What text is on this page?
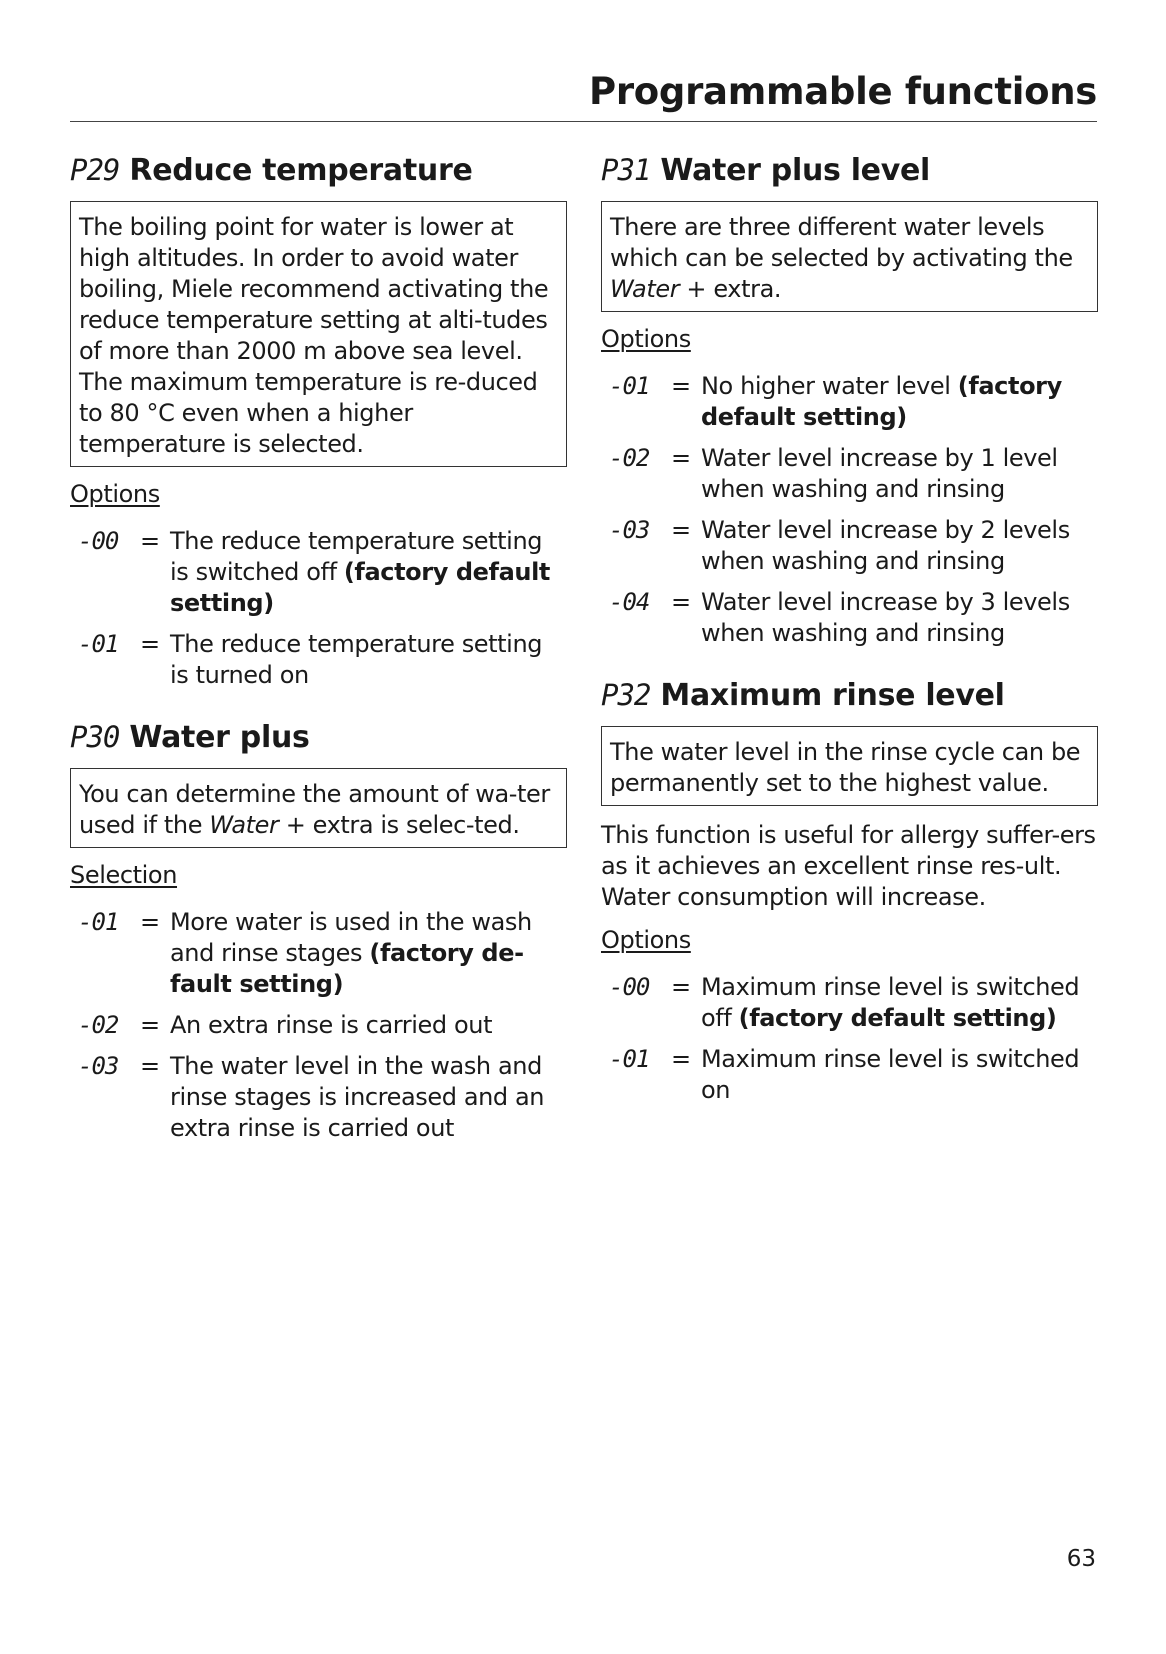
Programmable functions
P29 Reduce temperature
The boiling point for water is lower at high altitudes. In order to avoid water boiling, Miele recommend activating the reduce temperature setting at alti-tudes of more than 2000 m above sea level. The maximum temperature is re-duced to 80 °C even when a higher temperature is selected.
Options
-00 = The reduce temperature setting is switched off (factory default setting)
-01 = The reduce temperature setting is turned on
P30 Water plus
You can determine the amount of wa-ter used if the Water + extra is selec-ted.
Selection
-01 = More water is used in the wash and rinse stages (factory de-fault setting)
-02 = An extra rinse is carried out
-03 = The water level in the wash and rinse stages is increased and an extra rinse is carried out
P31 Water plus level
There are three different water levels which can be selected by activating the Water + extra.
Options
-01 = No higher water level (factory default setting)
-02 = Water level increase by 1 level when washing and rinsing
-03 = Water level increase by 2 levels when washing and rinsing
-04 = Water level increase by 3 levels when washing and rinsing
P32 Maximum rinse level
The water level in the rinse cycle can be permanently set to the highest value.
This function is useful for allergy suffer-ers as it achieves an excellent rinse res-ult. Water consumption will increase.
Options
-00 = Maximum rinse level is switched off (factory default setting)
-01 = Maximum rinse level is switched on
63
